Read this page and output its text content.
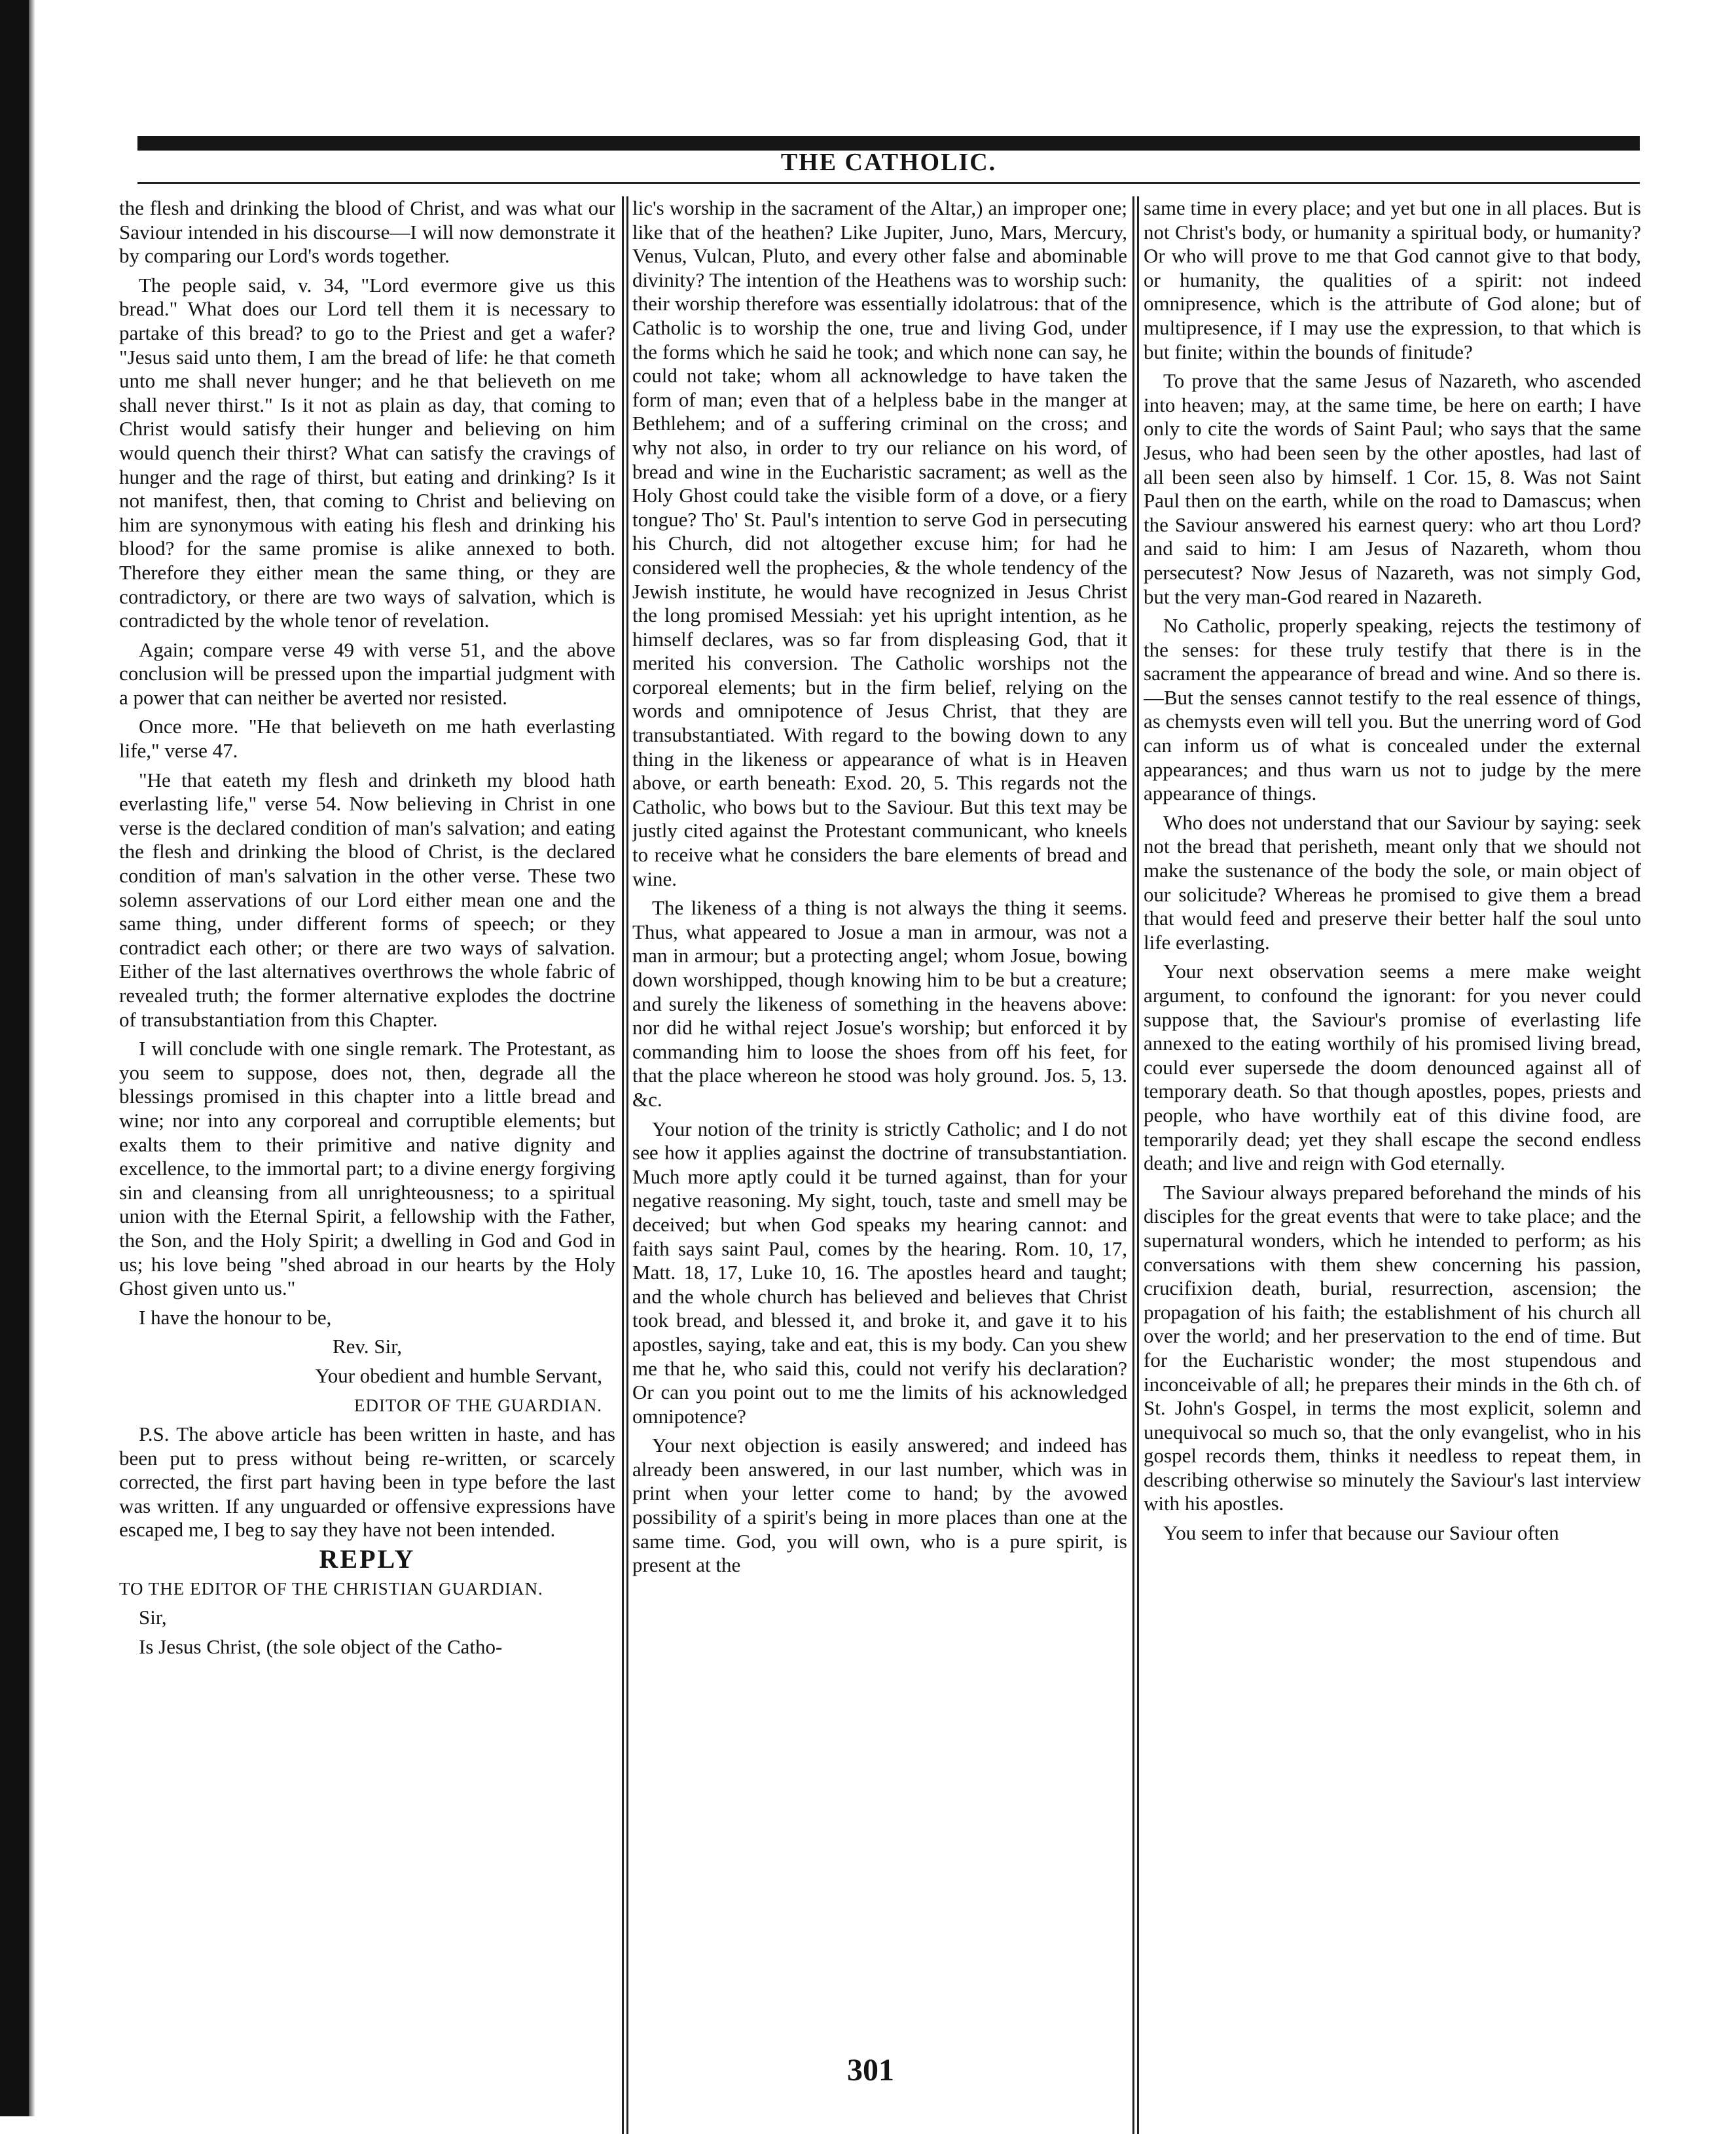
THE CATHOLIC.

the flesh and drinking the blood of Christ, and was what our Saviour intended in his discourse—I will now demonstrate it by comparing our Lord's words together.

The people said, v. 34, "Lord evermore give us this bread." What does our Lord tell them it is necessary to partake of this bread? to go to the Priest and get a wafer? "Jesus said unto them, I am the bread of life: he that cometh unto me shall never hunger; and he that believeth on me shall never thirst." Is it not as plain as day, that coming to Christ would satisfy their hunger and believing on him would quench their thirst? What can satisfy the cravings of hunger and the rage of thirst, but eating and drinking? Is it not manifest, then, that coming to Christ and believing on him are synonymous with eating his flesh and drinking his blood? for the same promise is alike annexed to both. Therefore they either mean the same thing, or they are contradictory, or there are two ways of salvation, which is contradicted by the whole tenor of revelation.

Again; compare verse 49 with verse 51, and the above conclusion will be pressed upon the impartial judgment with a power that can neither be averted nor resisted.

Once more. "He that believeth on me hath everlasting life," verse 47.

"He that eateth my flesh and drinketh my blood hath everlasting life," verse 54. Now believing in Christ in one verse is the declared condition of man's salvation; and eating the flesh and drinking the blood of Christ, is the declared condition of man's salvation in the other verse. These two solemn asservations of our Lord either mean one and the same thing, under different forms of speech; or they contradict each other; or there are two ways of salvation. Either of the last alternatives overthrows the whole fabric of revealed truth; the former alternative explodes the doctrine of transubstantiation from this Chapter.

I will conclude with one single remark. The Protestant, as you seem to suppose, does not, then, degrade all the blessings promised in this chapter into a little bread and wine; nor into any corporeal and corruptible elements; but exalts them to their primitive and native dignity and excellence, to the immortal part; to a divine energy forgiving sin and cleansing from all unrighteousness; to a spiritual union with the Eternal Spirit, a fellowship with the Father, the Son, and the Holy Spirit; a dwelling in God and God in us; his love being "shed abroad in our hearts by the Holy Ghost given unto us."

I have the honour to be,

Rev. Sir,

Your obedient and humble Servant,

EDITOR OF THE GUARDIAN.

P.S. The above article has been written in haste, and has been put to press without being re-written, or scarcely corrected, the first part having been in type before the last was written. If any unguarded or offensive expressions have escaped me, I beg to say they have not been intended.

REPLY

TO THE EDITOR OF THE CHRISTIAN GUARDIAN.

Sir,

Is Jesus Christ, (the sole object of the Catho-

lic's worship in the sacrament of the Altar,) an improper one; like that of the heathen? Like Jupiter, Juno, Mars, Mercury, Venus, Vulcan, Pluto, and every other false and abominable divinity? The intention of the Heathens was to worship such: their worship therefore was essentially idolatrous: that of the Catholic is to worship the one, true and living God, under the forms which he said he took; and which none can say, he could not take; whom all acknowledge to have taken the form of man; even that of a helpless babe in the manger at Bethlehem; and of a suffering criminal on the cross; and why not also, in order to try our reliance on his word, of bread and wine in the Eucharistic sacrament; as well as the Holy Ghost could take the visible form of a dove, or a fiery tongue? Tho' St. Paul's intention to serve God in persecuting his Church, did not altogether excuse him; for had he considered well the prophecies, & the whole tendency of the Jewish institute, he would have recognized in Jesus Christ the long promised Messiah: yet his upright intention, as he himself declares, was so far from displeasing God, that it merited his conversion. The Catholic worships not the corporeal elements; but in the firm belief, relying on the words and omnipotence of Jesus Christ, that they are transubstantiated. With regard to the bowing down to any thing in the likeness or appearance of what is in Heaven above, or earth beneath: Exod. 20, 5. This regards not the Catholic, who bows but to the Saviour. But this text may be justly cited against the Protestant communicant, who kneels to receive what he considers the bare elements of bread and wine.

The likeness of a thing is not always the thing it seems. Thus, what appeared to Josue a man in armour, was not a man in armour; but a protecting angel; whom Josue, bowing down worshipped, though knowing him to be but a creature; and surely the likeness of something in the heavens above: nor did he withal reject Josue's worship; but enforced it by commanding him to loose the shoes from off his feet, for that the place whereon he stood was holy ground. Jos. 5, 13. &c.

Your notion of the trinity is strictly Catholic; and I do not see how it applies against the doctrine of transubstantiation. Much more aptly could it be turned against, than for your negative reasoning. My sight, touch, taste and smell may be deceived; but when God speaks my hearing cannot: and faith says saint Paul, comes by the hearing. Rom. 10, 17, Matt. 18, 17, Luke 10, 16. The apostles heard and taught; and the whole church has believed and believes that Christ took bread, and blessed it, and broke it, and gave it to his apostles, saying, take and eat, this is my body. Can you shew me that he, who said this, could not verify his declaration? Or can you point out to me the limits of his acknowledged omnipotence?

Your next objection is easily answered; and indeed has already been answered, in our last number, which was in print when your letter come to hand; by the avowed possibility of a spirit's being in more places than one at the same time. God, you will own, who is a pure spirit, is present at the

same time in every place; and yet but one in all places. But is not Christ's body, or humanity a spiritual body, or humanity? Or who will prove to me that God cannot give to that body, or humanity, the qualities of a spirit: not indeed omnipresence, which is the attribute of God alone; but of multipresence, if I may use the expression, to that which is but finite; within the bounds of finitude?

To prove that the same Jesus of Nazareth, who ascended into heaven; may, at the same time, be here on earth; I have only to cite the words of Saint Paul; who says that the same Jesus, who had been seen by the other apostles, had last of all been seen also by himself. 1 Cor. 15, 8. Was not Saint Paul then on the earth, while on the road to Damascus; when the Saviour answered his earnest query: who art thou Lord? and said to him: I am Jesus of Nazareth, whom thou persecutest? Now Jesus of Nazareth, was not simply God, but the very man-God reared in Nazareth.

No Catholic, properly speaking, rejects the testimony of the senses: for these truly testify that there is in the sacrament the appearance of bread and wine. And so there is.—But the senses cannot testify to the real essence of things, as chemysts even will tell you. But the unerring word of God can inform us of what is concealed under the external appearances; and thus warn us not to judge by the mere appearance of things.

Who does not understand that our Saviour by saying: seek not the bread that perisheth, meant only that we should not make the sustenance of the body the sole, or main object of our solicitude? Whereas he promised to give them a bread that would feed and preserve their better half the soul unto life everlasting.

Your next observation seems a mere make weight argument, to confound the ignorant: for you never could suppose that, the Saviour's promise of everlasting life annexed to the eating worthily of his promised living bread, could ever supersede the doom denounced against all of temporary death. So that though apostles, popes, priests and people, who have worthily eat of this divine food, are temporarily dead; yet they shall escape the second endless death; and live and reign with God eternally.

The Saviour always prepared beforehand the minds of his disciples for the great events that were to take place; and the supernatural wonders, which he intended to perform; as his conversations with them shew concerning his passion, crucifixion death, burial, resurrection, ascension; the propagation of his faith; the establishment of his church all over the world; and her preservation to the end of time. But for the Eucharistic wonder; the most stupendous and inconceivable of all; he prepares their minds in the 6th ch. of St. John's Gospel, in terms the most explicit, solemn and unequivocal so much so, that the only evangelist, who in his gospel records them, thinks it needless to repeat them, in describing otherwise so minutely the Saviour's last interview with his apostles.

You seem to infer that because our Saviour often

301
